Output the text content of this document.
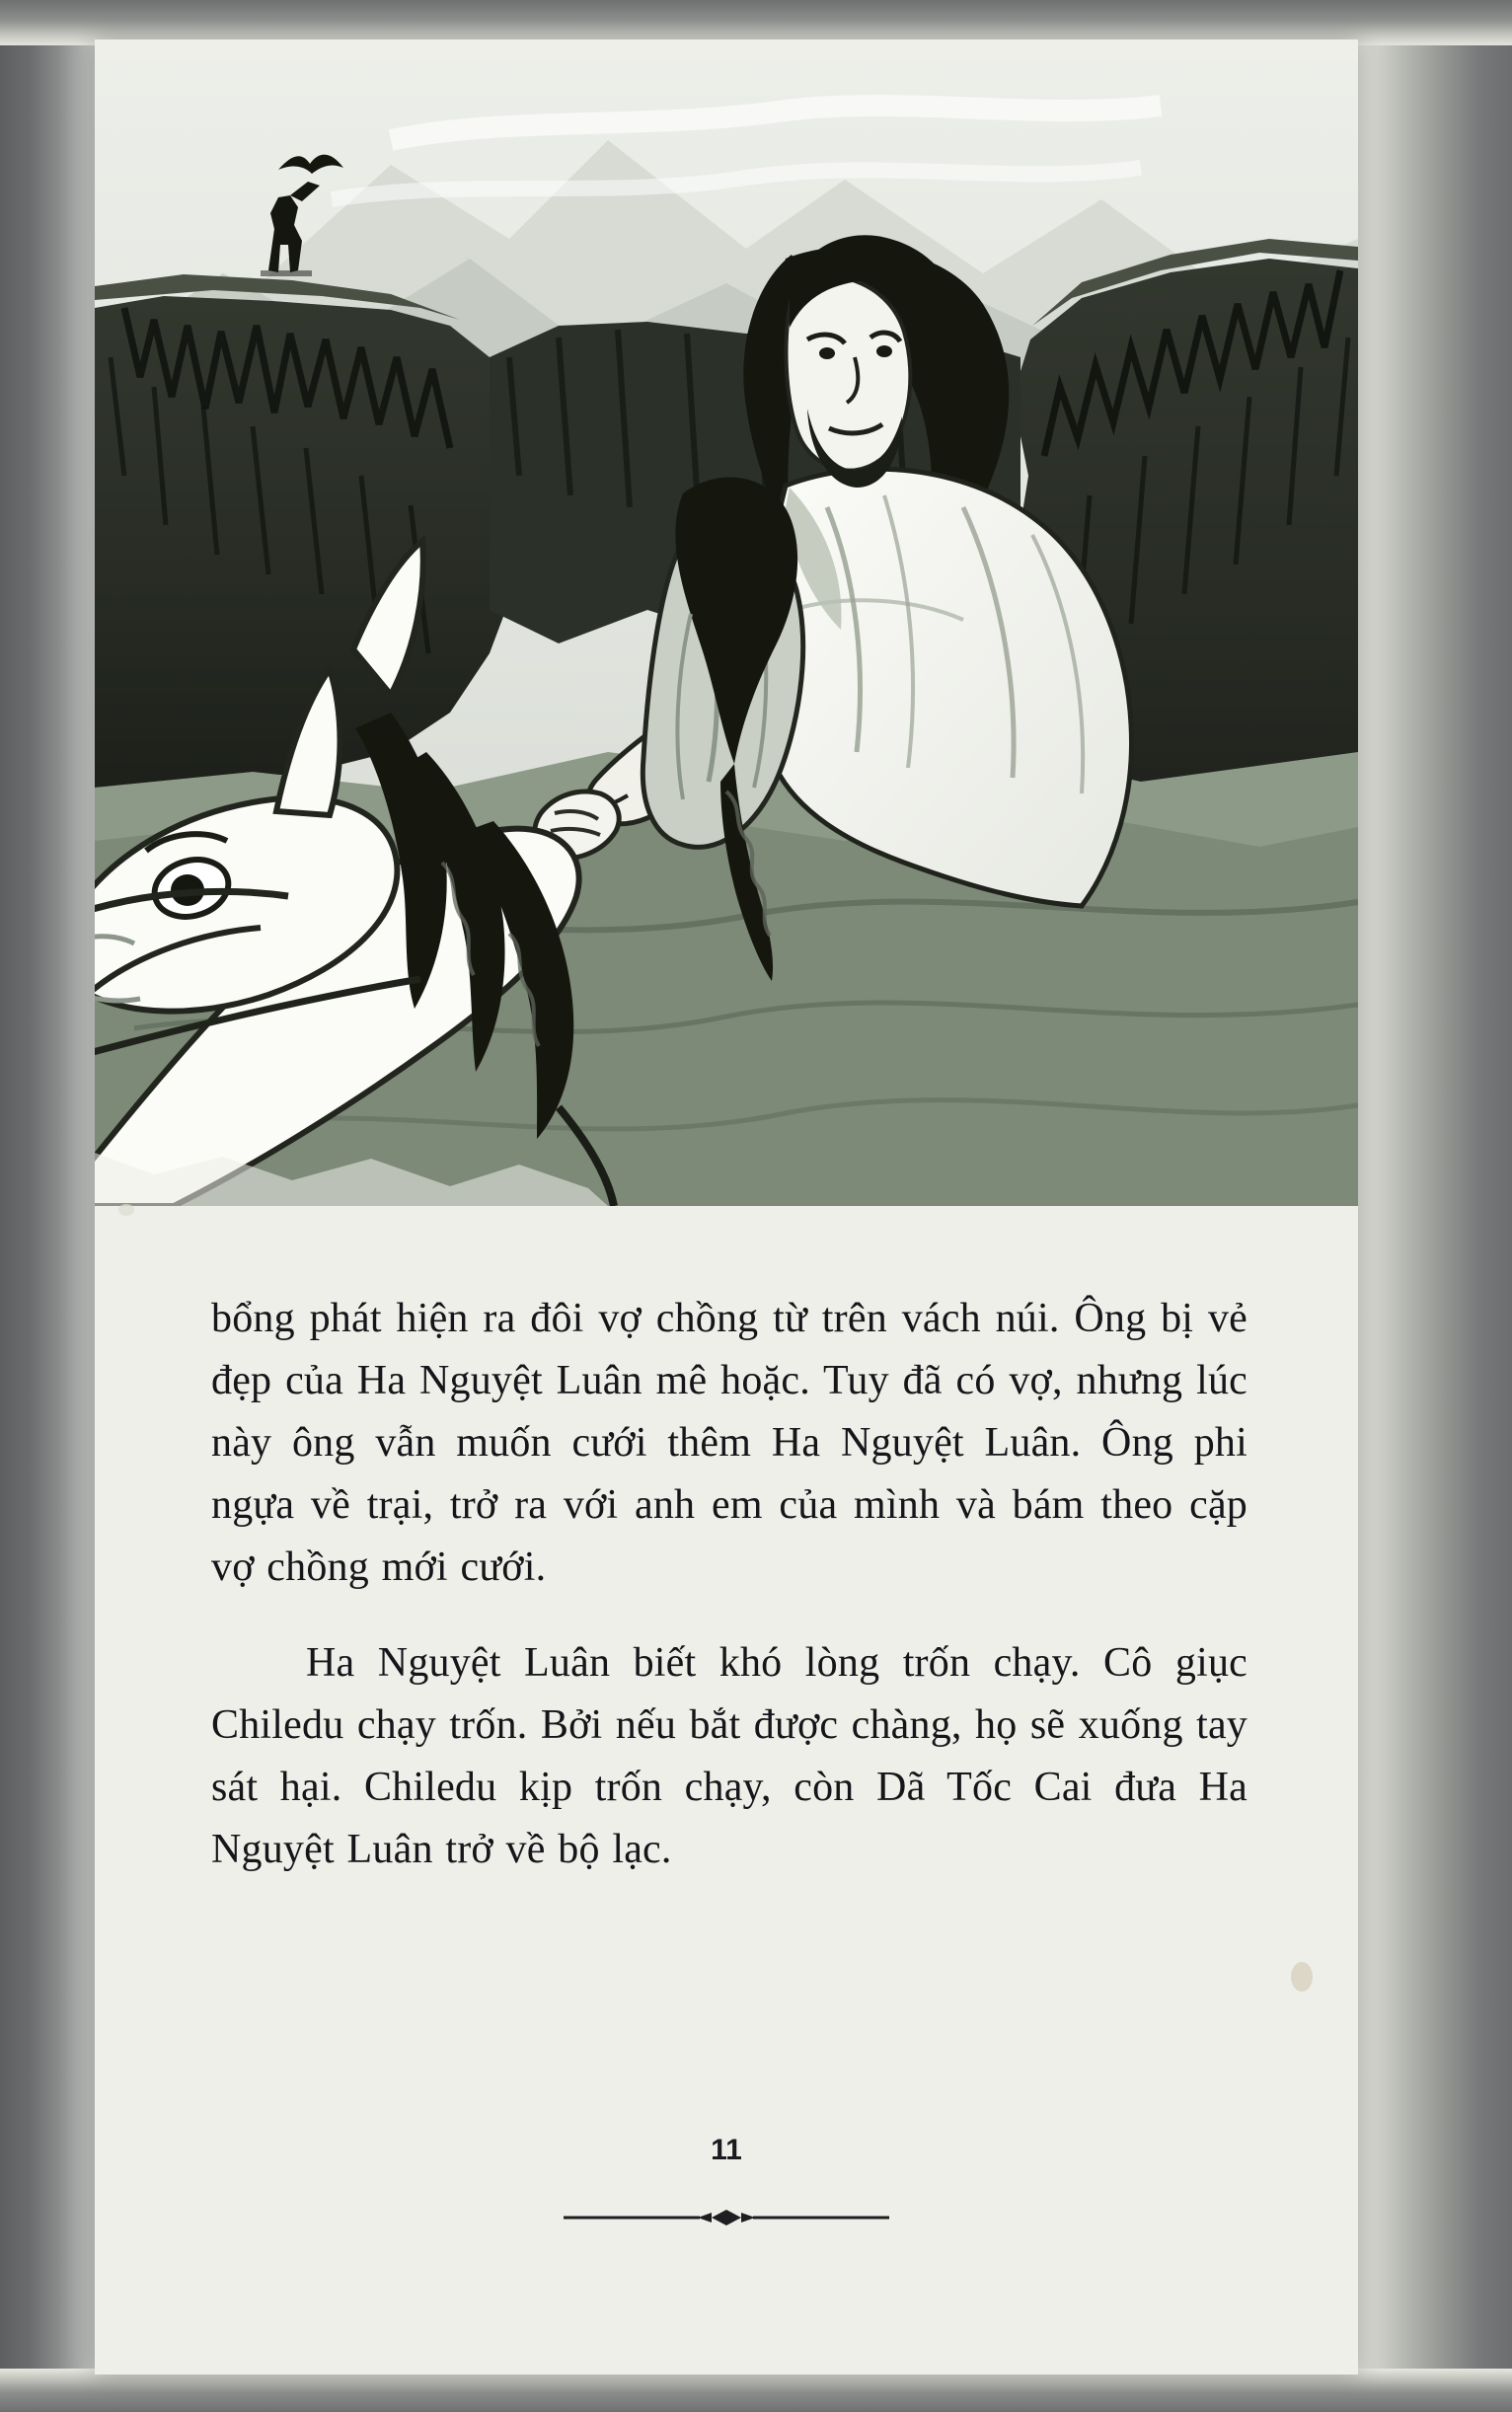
bổng phát hiện ra đôi vợ chồng từ trên vách núi. Ông bị vẻ đẹp của Ha Nguyệt Luân mê hoặc. Tuy đã có vợ, nhưng lúc này ông vẫn muốn cưới thêm Ha Nguyệt Luân. Ông phi ngựa về trại, trở ra với anh em của mình và bám theo cặp vợ chồng mới cưới.

Ha Nguyệt Luân biết khó lòng trốn chạy. Cô giục Chiledu chạy trốn. Bởi nếu bắt được chàng, họ sẽ xuống tay sát hại. Chiledu kịp trốn chạy, còn Dã Tốc Cai đưa Ha Nguyệt Luân trở về bộ lạc.

11
